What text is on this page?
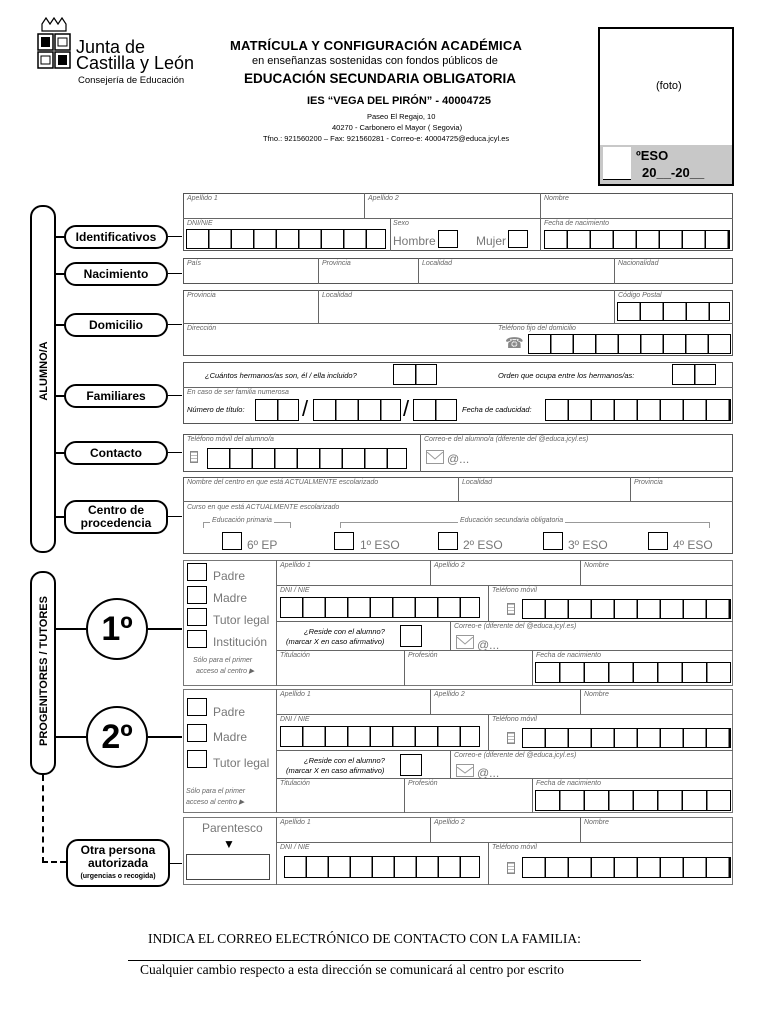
Junta de
Castilla y León
Consejería de Educación
MATRÍCULA Y CONFIGURACIÓN ACADÉMICA
en enseñanzas sostenidas con fondos públicos de
EDUCACIÓN SECUNDARIA OBLIGATORIA
IES “VEGA DEL PIRÓN” - 40004725
Paseo El Regajo, 10
40270 - Carbonero el Mayor ( Segovia)
Tfno.: 921560200 – Fax: 921560281 - Correo-e: 40004725@educa.jcyl.es
(foto)
ºESO
20__-20__
ALUMNO/A
Identificativos
Nacimiento
Domicilio
Familiares
Contacto
Centro de
procedencia
Apellido 1	Apellido 2	Nombre
DNI/NIE	Sexo	Fecha de nacimiento
Hombre	Mujer
País	Provincia	Localidad	Nacionalidad
Provincia	Localidad	Código Postal
Dirección	Teléfono fijo del domicilio
☎
¿Cuántos hermanos/as son, él / ella incluido?	Orden que ocupa entre los hermanos/as:
En caso de ser familia numerosa
Número de título:	/	/	Fecha de caducidad:
Teléfono móvil del alumno/a	Correo-e del alumno/a (diferente del @educa.jcyl.es)
@...
Nombre del centro en que está ACTUALMENTE escolarizado	Localidad	Provincia
Curso en que está ACTUALMENTE escolarizado
Educación primaria	Educación secundaria obligatoria
6º EP	1º ESO	2º ESO	3º ESO	4º ESO
PROGENITORES / TUTORES 1º
2º
Padre
Madre
Tutor legal
Institución
Sólo para el primer
acceso al centro ▶
Apellido 1	Apellido 2	Nombre
DNI / NIE	Teléfono móvil
¿Reside con el alumno?
(marcar X en caso afirmativo)
Correo-e (diferente del @educa.jcyl.es)
@...
Titulación	Profesión	Fecha de nacimiento
Padre
Madre
Tutor legal
Sólo para el primer
acceso al centro ▶
Apellido 1	Apellido 2	Nombre
DNI / NIE	Teléfono móvil
¿Reside con el alumno?
(marcar X en caso afirmativo)
Correo-e (diferente del @educa.jcyl.es)
@...
Titulación	Profesión	Fecha de nacimiento
Otra persona
autorizada
(urgencias o recogida)
Parentesco
▼
Apellido 1	Apellido 2	Nombre
DNI / NIE	Teléfono móvil
INDICA EL CORREO ELECTRÓNICO DE CONTACTO CON LA FAMILIA:
Cualquier cambio respecto a esta dirección se comunicará al centro por escrito
